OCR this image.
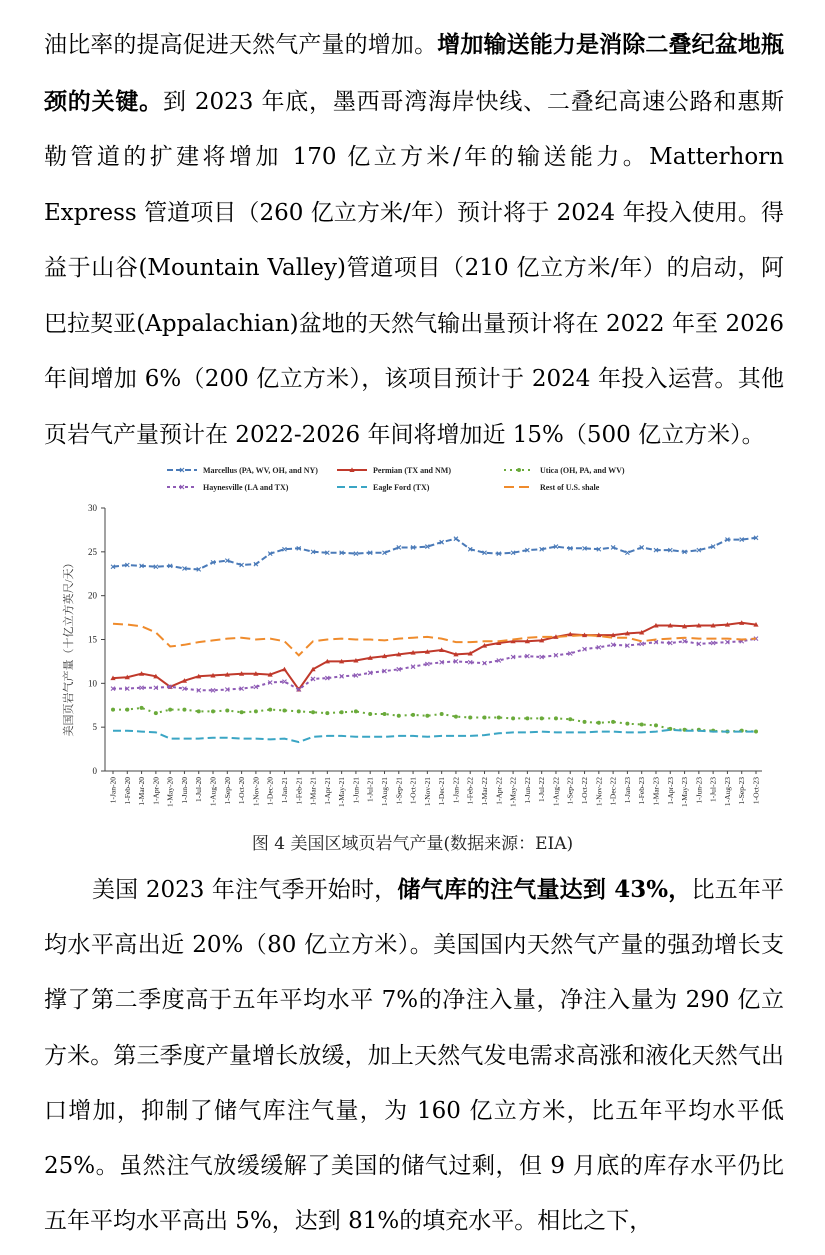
油比率的提高促进天然气产量的增加。增加输送能力是消除二叠纪盆地瓶颈的关键。到 2023 年底，墨西哥湾海岸快线、二叠纪高速公路和惠斯勒管道的扩建将增加 170 亿立方米/年的输送能力。Matterhorn Express 管道项目（260 亿立方米/年）预计将于 2024 年投入使用。得益于山谷(Mountain Valley)管道项目（210 亿立方米/年）的启动，阿巴拉契亚(Appalachian)盆地的天然气输出量预计将在 2022 年至 2026 年间增加 6%（200 亿立方米），该项目预计于 2024 年投入运营。其他页岩气产量预计在 2022-2026 年间将增加近 15%（500 亿立方米）。
Marcellus (PA, WV, OH, and NY)	Permian (TX and NM)	Utica (OH, PA, and WV)
Haynesville (LA and TX)	Eagle Ford (TX)	Rest of U.S. shale
0
5
10
15
20
25
30
1-Jan-20 1-Feb-20 1-Mar-20 1-Apr-20 1-May-20 1-Jun-20 1-Jul-20 1-Aug-20 1-Sep-20 1-Oct-20 1-Nov-20 1-Dec-20 1-Jan-21 1-Feb-21 1-Mar-21 1-Apr-21 1-May-21 1-Jun-21 1-Jul-21 1-Aug-21 1-Sep-21 1-Oct-21 1-Nov-21 1-Dec-21 1-Jan-22 1-Feb-22 1-Mar-22 1-Apr-22 1-May-22 1-Jun-22 1-Jul-22 1-Aug-22 1-Sep-22 1-Oct-22 1-Nov-22 1-Dec-22 1-Jan-23 1-Feb-23 1-Mar-23 1-Apr-23 1-May-23 1-Jun-23 1-Jul-23 1-Aug-23 1-Sep-23 1-Oct-23
美国页岩气产量（十亿立方英尺/天）
图 4 美国区域页岩气产量(数据来源：EIA)
美国 2023 年注气季开始时，储气库的注气量达到 43%，比五年平均水平高出近 20%（80 亿立方米）。美国国内天然气产量的强劲增长支撑了第二季度高于五年平均水平 7%的净注入量，净注入量为 290 亿立方米。第三季度产量增长放缓，加上天然气发电需求高涨和液化天然气出口增加，抑制了储气库注气量，为 160 亿立方米，比五年平均水平低 25%。虽然注气放缓缓解了美国的储气过剩，但 9 月底的库存水平仍比五年平均水平高出 5%，达到 81%的填充水平。相比之下，
